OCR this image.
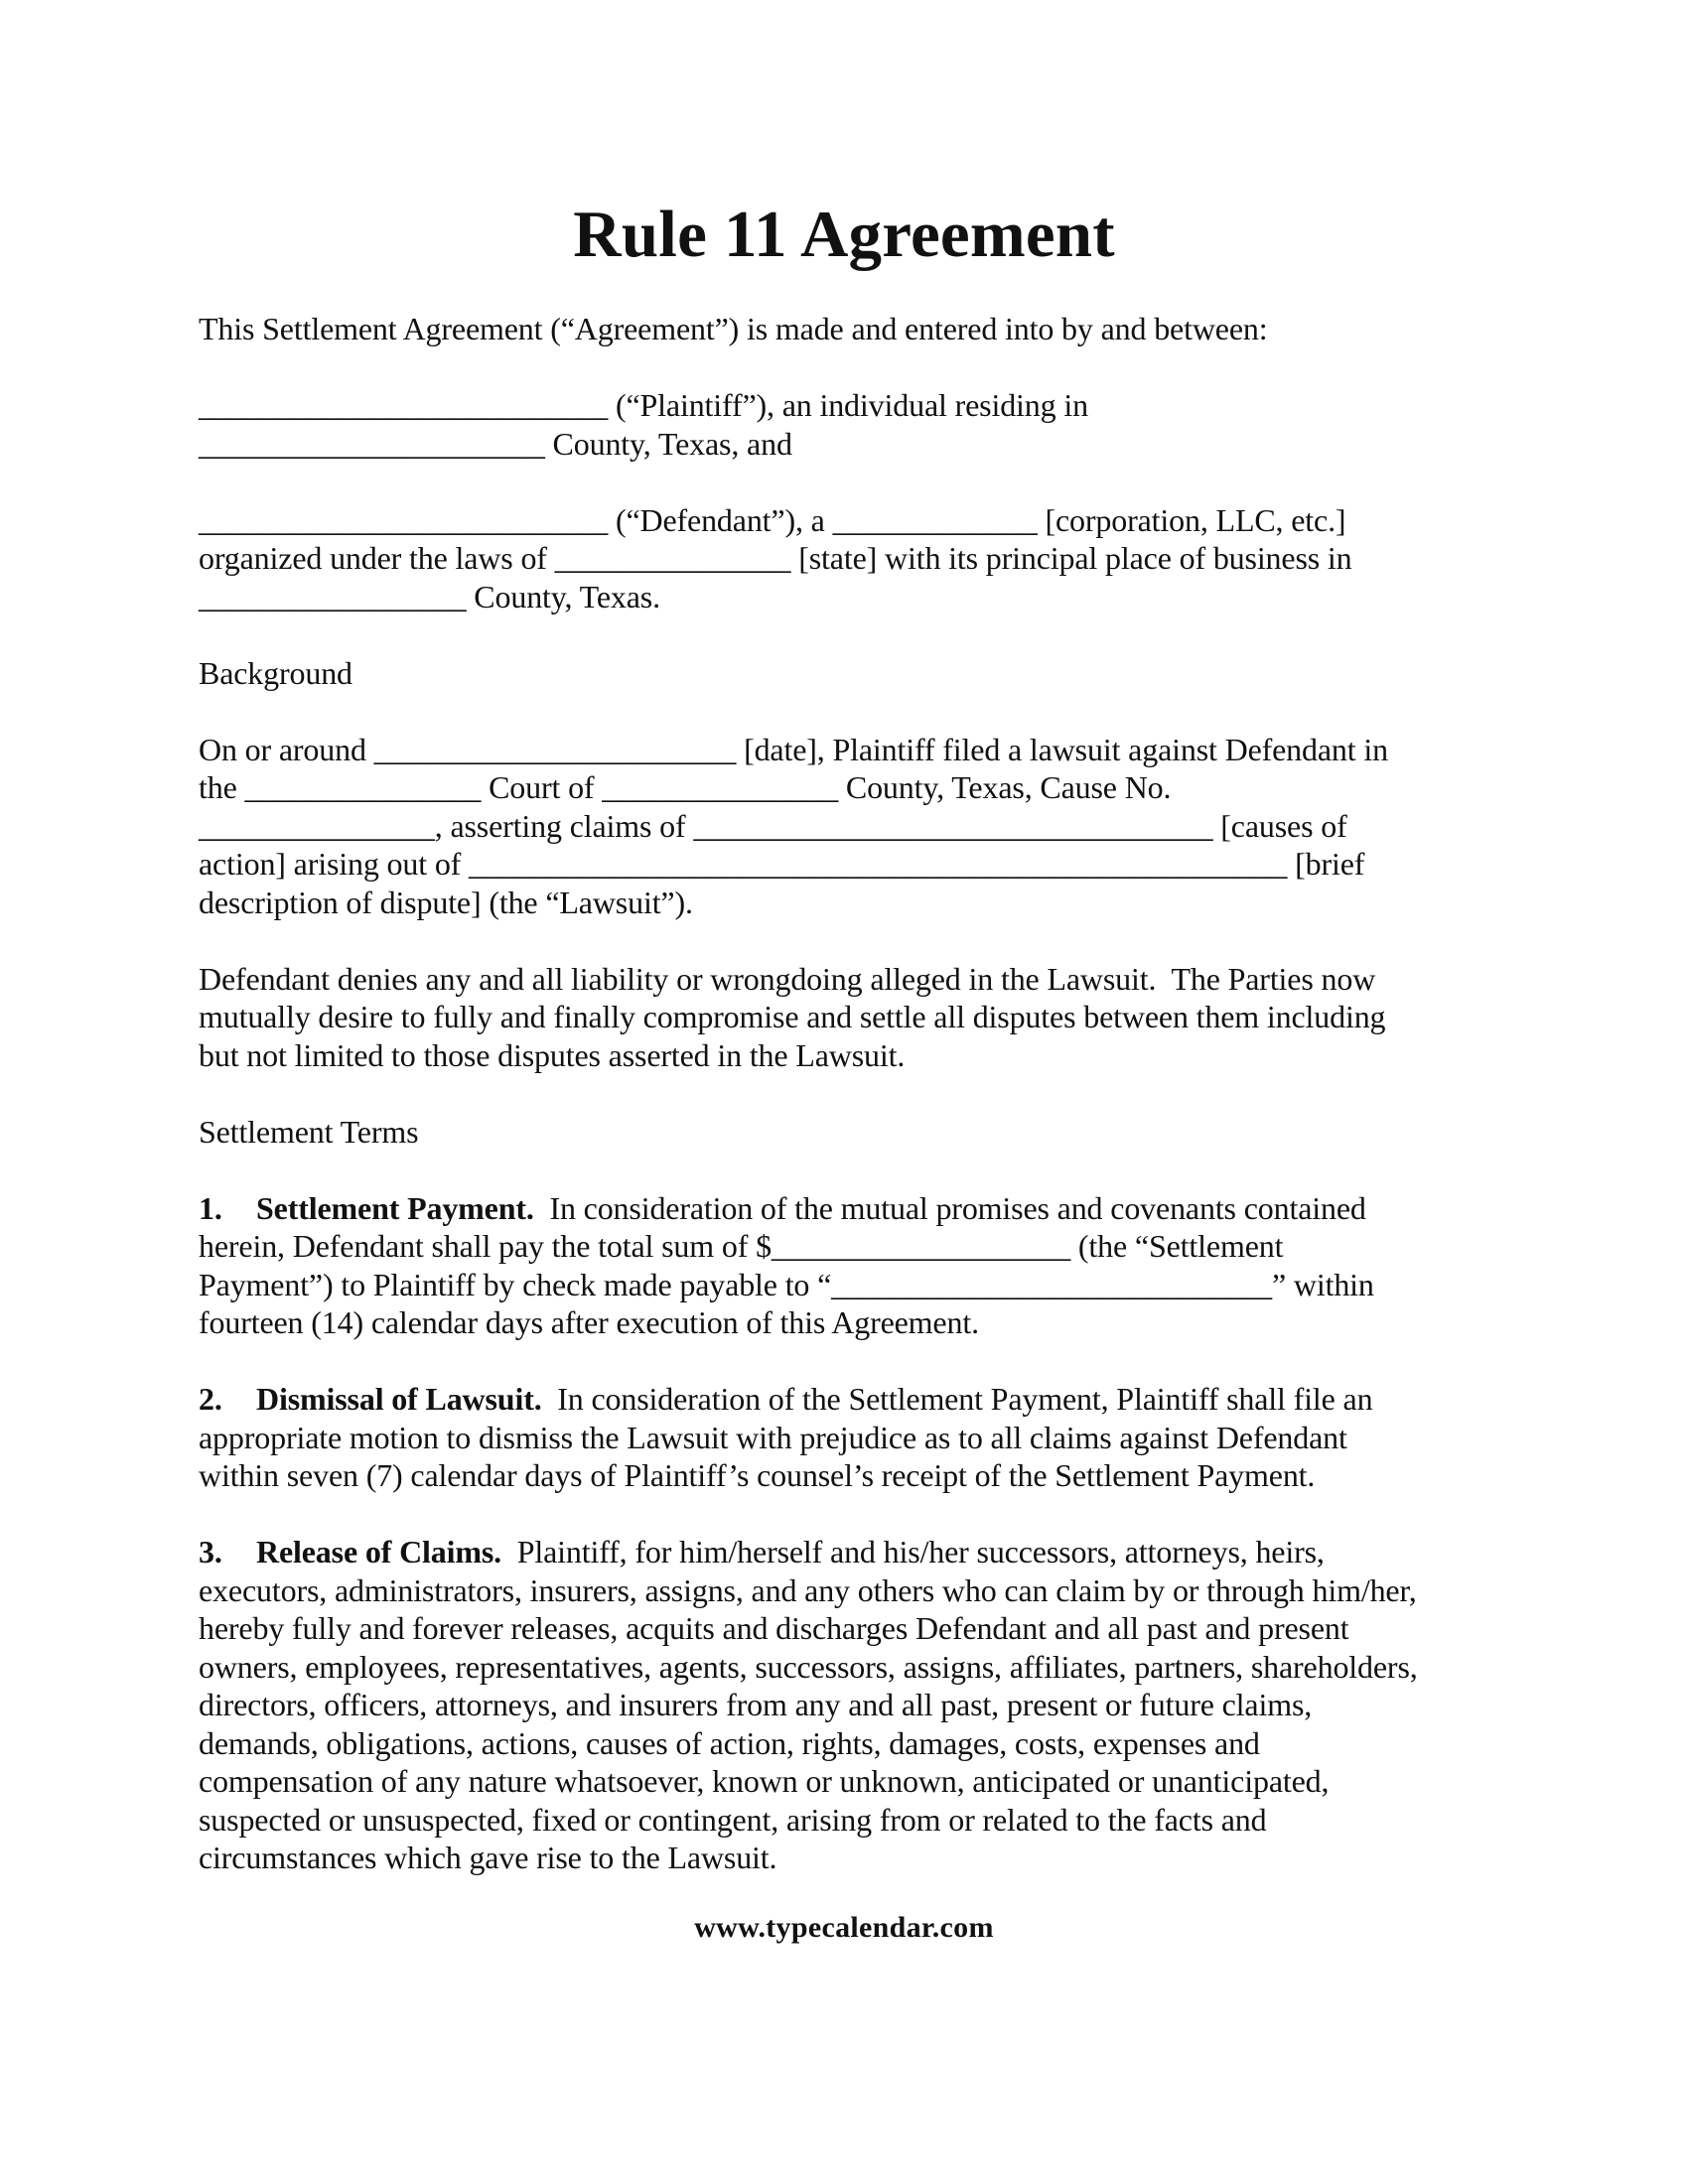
Rule 11 Agreement

This Settlement Agreement (“Agreement”) is made and entered into by and between:

__________________________ (“Plaintiff”), an individual residing in
______________________ County, Texas, and
__________________________ (“Defendant”), a _____________ [corporation, LLC, etc.]
organized under the laws of _______________ [state] with its principal place of business in
_________________ County, Texas.
Background
On or around _______________________ [date], Plaintiff filed a lawsuit against Defendant in
the _______________ Court of _______________ County, Texas, Cause No.
_______________, asserting claims of _________________________________ [causes of
action] arising out of ____________________________________________________ [brief
description of dispute] (the “Lawsuit”).
Defendant denies any and all liability or wrongdoing alleged in the Lawsuit.  The Parties now
mutually desire to fully and finally compromise and settle all disputes between them including
but not limited to those disputes asserted in the Lawsuit.
Settlement Terms
1. Settlement Payment. In consideration of the mutual promises and covenants contained
herein, Defendant shall pay the total sum of $___________________ (the “Settlement
Payment”) to Plaintiff by check made payable to “____________________________” within
fourteen (14) calendar days after execution of this Agreement.
2. Dismissal of Lawsuit. In consideration of the Settlement Payment, Plaintiff shall file an
appropriate motion to dismiss the Lawsuit with prejudice as to all claims against Defendant
within seven (7) calendar days of Plaintiff’s counsel’s receipt of the Settlement Payment.
3. Release of Claims. Plaintiff, for him/herself and his/her successors, attorneys, heirs,
executors, administrators, insurers, assigns, and any others who can claim by or through him/her,
hereby fully and forever releases, acquits and discharges Defendant and all past and present
owners, employees, representatives, agents, successors, assigns, affiliates, partners, shareholders,
directors, officers, attorneys, and insurers from any and all past, present or future claims,
demands, obligations, actions, causes of action, rights, damages, costs, expenses and
compensation of any nature whatsoever, known or unknown, anticipated or unanticipated,
suspected or unsuspected, fixed or contingent, arising from or related to the facts and
circumstances which gave rise to the Lawsuit.
www.typecalendar.com
